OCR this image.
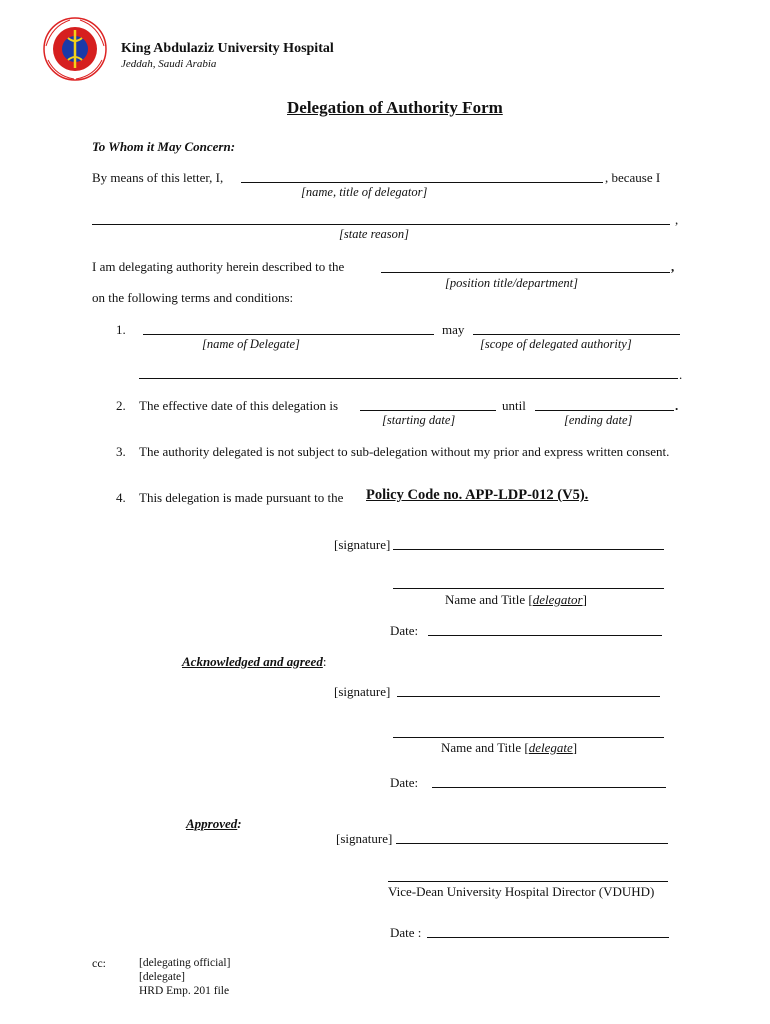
King Abdulaziz University Hospital
Jeddah, Saudi Arabia
Delegation of Authority Form
To Whom it May Concern:
By means of this letter, I,	, because I
[name, title of delegator]
,
[state reason]
I am delegating authority herein described to the	,
[position title/department]
on the following terms and conditions:
1.	may
[name of Delegate]	[scope of delegated authority]
.
2. The effective date of this delegation is	until	.
[starting date]	[ending date]
3. The authority delegated is not subject to sub-delegation without my prior and express written consent.
4. This delegation is made pursuant to the Policy Code no. APP-LDP-012 (V5).
[signature]
Name and Title [delegator]
Date:
Acknowledged and agreed:
[signature]
Name and Title [delegate]
Date:
Approved:
[signature]
Vice-Dean University Hospital Director (VDUHD)
Date :
cc:	[delegating official]
[delegate]
HRD Emp. 201 file
